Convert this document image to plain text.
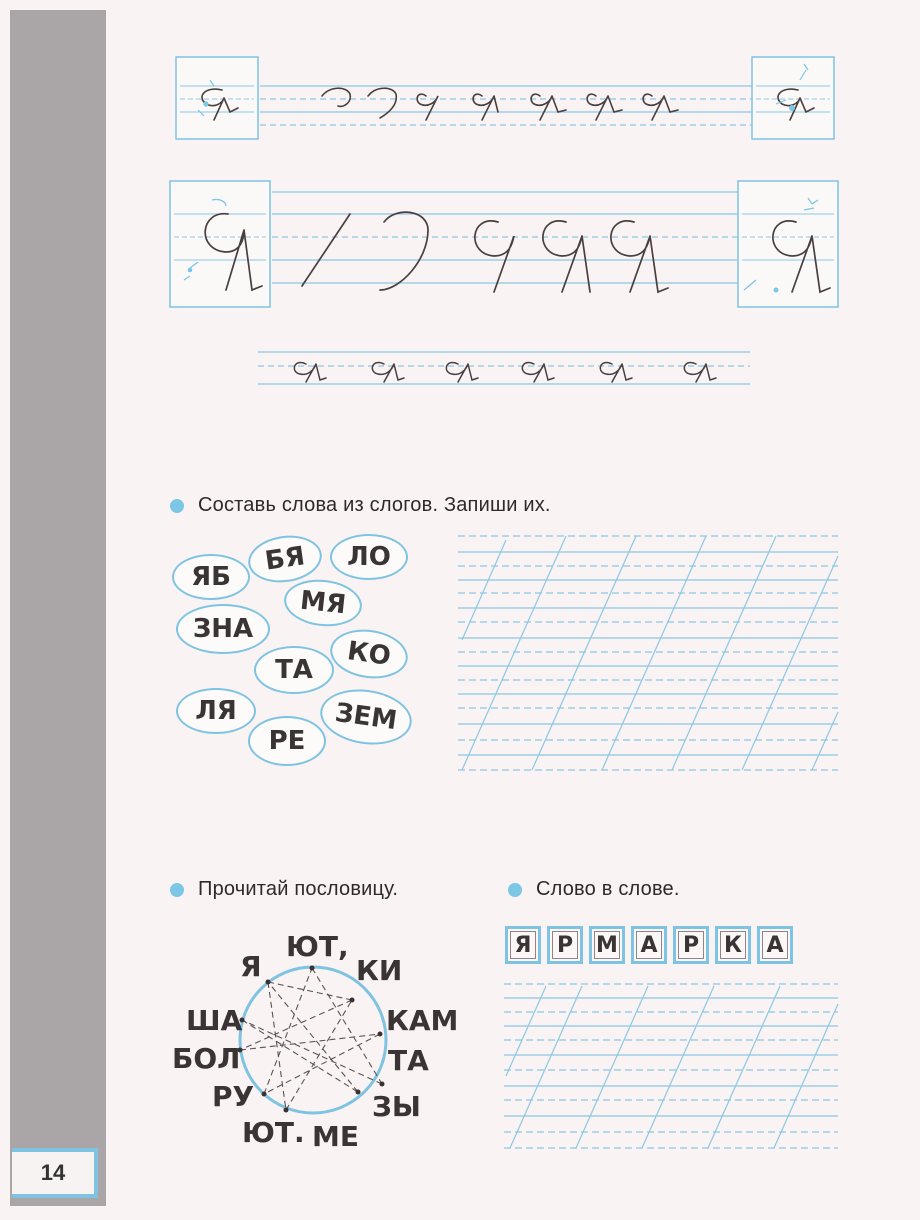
14
Составь слова из слогов. Запиши их.
ЯБ
БЯ	ЛО
МЯ
ЗНА
КО
ТА
ЛЯ	ЗЕМ
РЕ
Прочитай пословицу.
ЮТ,
КИ
КАМ
ТА
ЗЫ
МЕ
ЮТ.
РУ
БОЛ
ША
Я
Слово в слове.
Я Р М А Р К А
